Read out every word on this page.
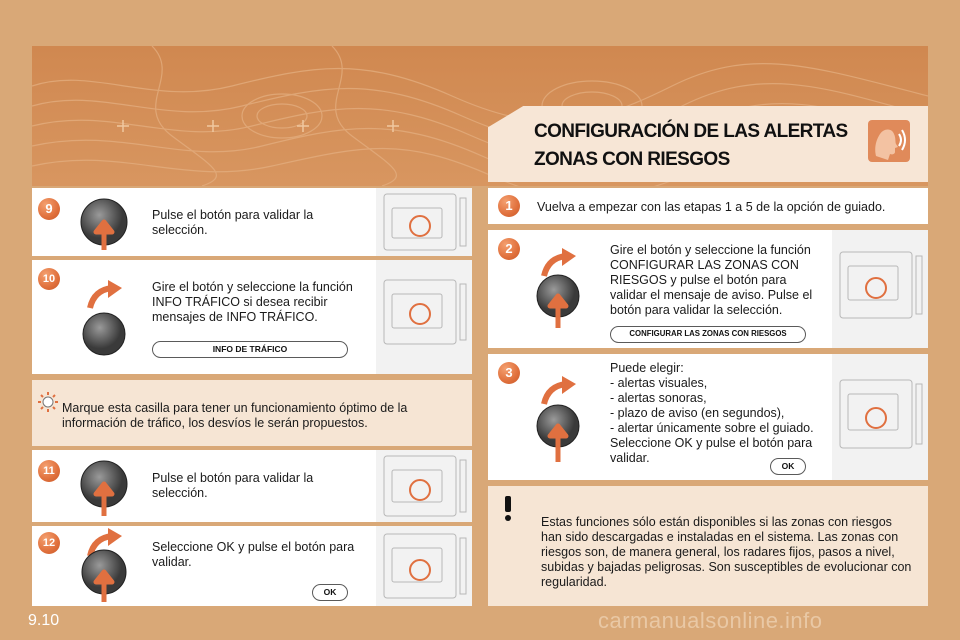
CONFIGURACIÓN DE LAS ALERTAS
ZONAS CON RIESGOS
9	Pulse el botón para validar la selección.
10
Gire el botón y seleccione la función INFO TRÁFICO si desea recibir mensajes de INFO TRÁFICO.
INFO DE TRÁFICO
Marque esta casilla para tener un funcionamiento óptimo de la información de tráfico, los desvíos le serán propuestos.
11	Pulse el botón para validar la selección.
12	Seleccione OK y pulse el botón para validar.
OK
1	Vuelva a empezar con las etapas 1 a 5 de la opción de guiado.
2	Gire el botón y seleccione la función CONFIGURAR LAS ZONAS CON RIESGOS y pulse el botón para validar el mensaje de aviso. Pulse el botón para validar la selección.
CONFIGURAR LAS ZONAS CON RIESGOS
3	Puede elegir:
- alertas visuales,
- alertas sonoras,
- plazo de aviso (en segundos),
- alertar únicamente sobre el guiado.
Seleccione OK y pulse el botón para validar.
OK
Estas funciones sólo están disponibles si las zonas con riesgos han sido descargadas e instaladas en el sistema. Las zonas con riesgos son, de manera general, los radares fijos, pasos a nivel, subidas y bajadas peligrosas. Son susceptibles de evolucionar con regularidad.
9.10	carmanualsonline.info
